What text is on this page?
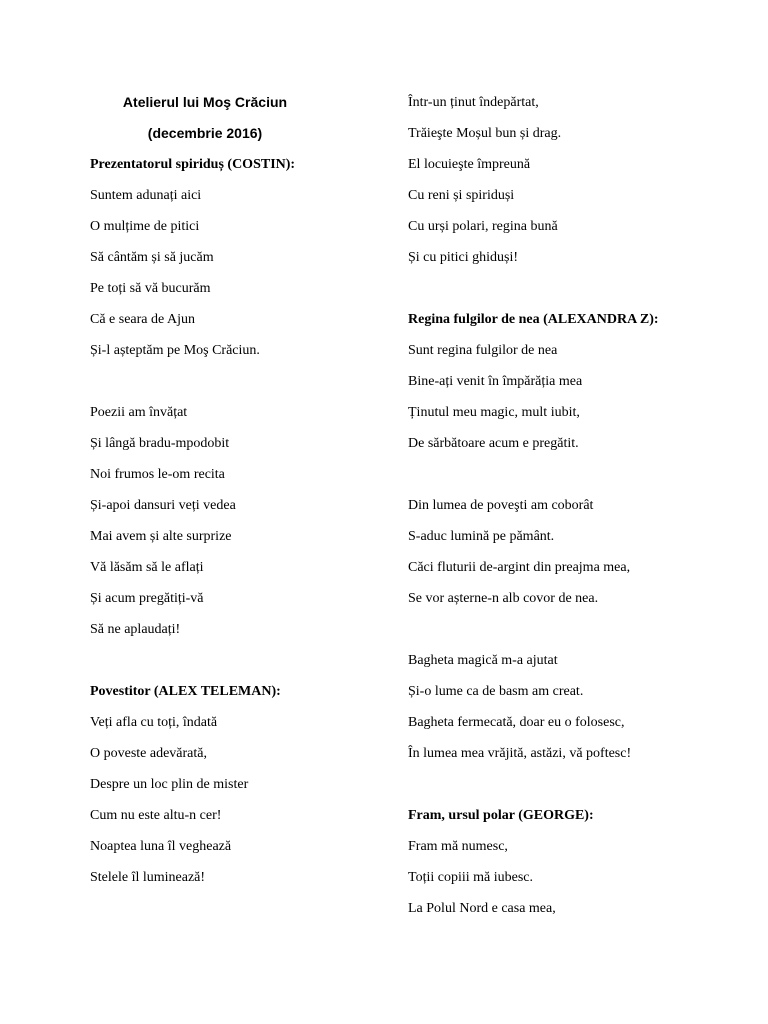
Atelierul lui Moş Crăciun
(decembrie 2016)
Prezentatorul spiriduș (COSTIN):
Suntem adunați aici
O mulțime de pitici
Să cântăm și să jucăm
Pe toți să vă bucurăm
Că e seara de Ajun
Și-l așteptăm pe Moş Crăciun.
Poezii am învățat
Și lângă bradu-mpodobit
Noi frumos le-om recita
Și-apoi dansuri veți vedea
Mai avem și alte surprize
Vă lăsăm să le aflați
Și acum pregătiți-vă
Să ne aplaudați!
Povestitor (ALEX TELEMAN):
Veți afla cu toți, îndată
O poveste adevărată,
Despre un loc plin de mister
Cum nu este altu-n cer!
Noaptea luna îl veghează
Stelele îl luminează!
Într-un ținut îndepărtat,
Trăieşte Moșul bun și drag.
El locuieşte împreună
Cu reni și spiriduși
Cu urși polari, regina bună
Și cu pitici ghiduși!
Regina fulgilor de nea (ALEXANDRA Z):
Sunt regina fulgilor de nea
Bine-ați venit în împărăția mea
Ținutul meu magic, mult iubit,
De sărbătoare acum e pregătit.
Din lumea de poveşti am coborât
S-aduc lumină pe pământ.
Căci fluturii de-argint din preajma mea,
Se vor așterne-n alb covor de nea.
Bagheta magică m-a ajutat
Și-o lume ca de basm am creat.
Bagheta fermecată, doar eu o folosesc,
În lumea mea vrăjită, astăzi, vă poftesc!
Fram, ursul polar (GEORGE):
Fram mă numesc,
Toții copiii mă iubesc.
La Polul Nord e casa mea,
